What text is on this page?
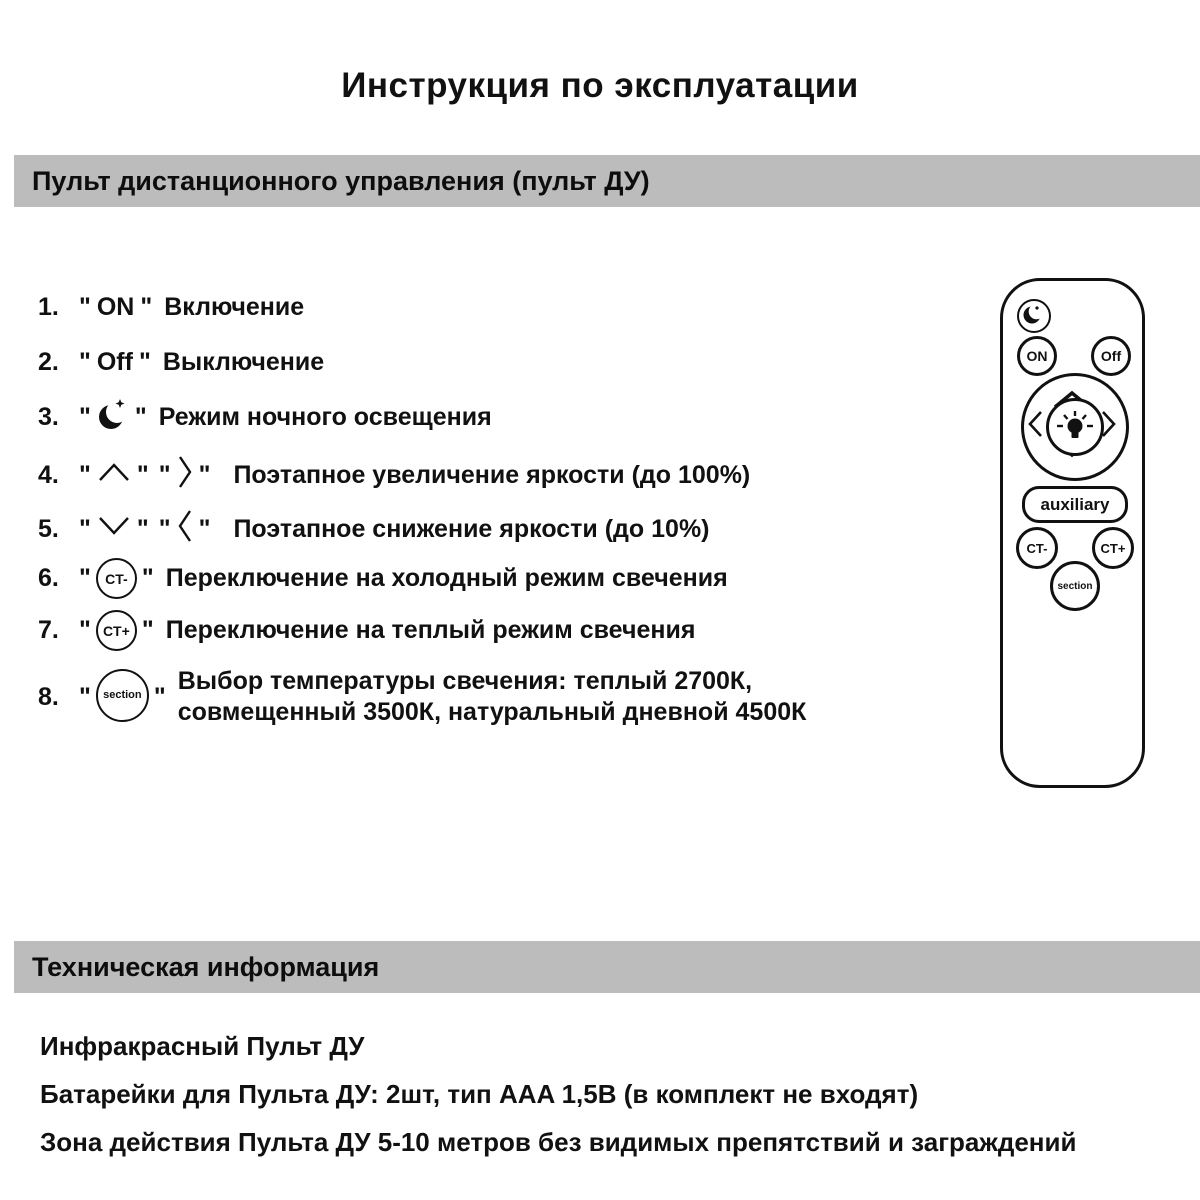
Инструкция по эксплуатации
Пульт дистанционного управления (пульт ДУ)
1. " ON " Включение
2. " Off " Выключение
3. " " Режим ночного освещения
4. " " " " Поэтапное увеличение яркости (до 100%)
5. " " " " Поэтапное снижение яркости (до 10%)
6. "	CT- " Переключение на холодный режим свечения
7. " CT+ " Переключение на теплый режим свечения
8. "	section "
Выбор температуры свечения: теплый 2700К,
совмещенный 3500К, натуральный дневной 4500К
ON	Off
auxiliary
CT-	CT+
section
Техническая информация
Инфракрасный Пульт ДУ
Батарейки для Пульта ДУ: 2шт, тип AAA 1,5В (в комплект не входят)
Зона действия Пульта ДУ 5-10 метров без видимых препятствий и заграждений
